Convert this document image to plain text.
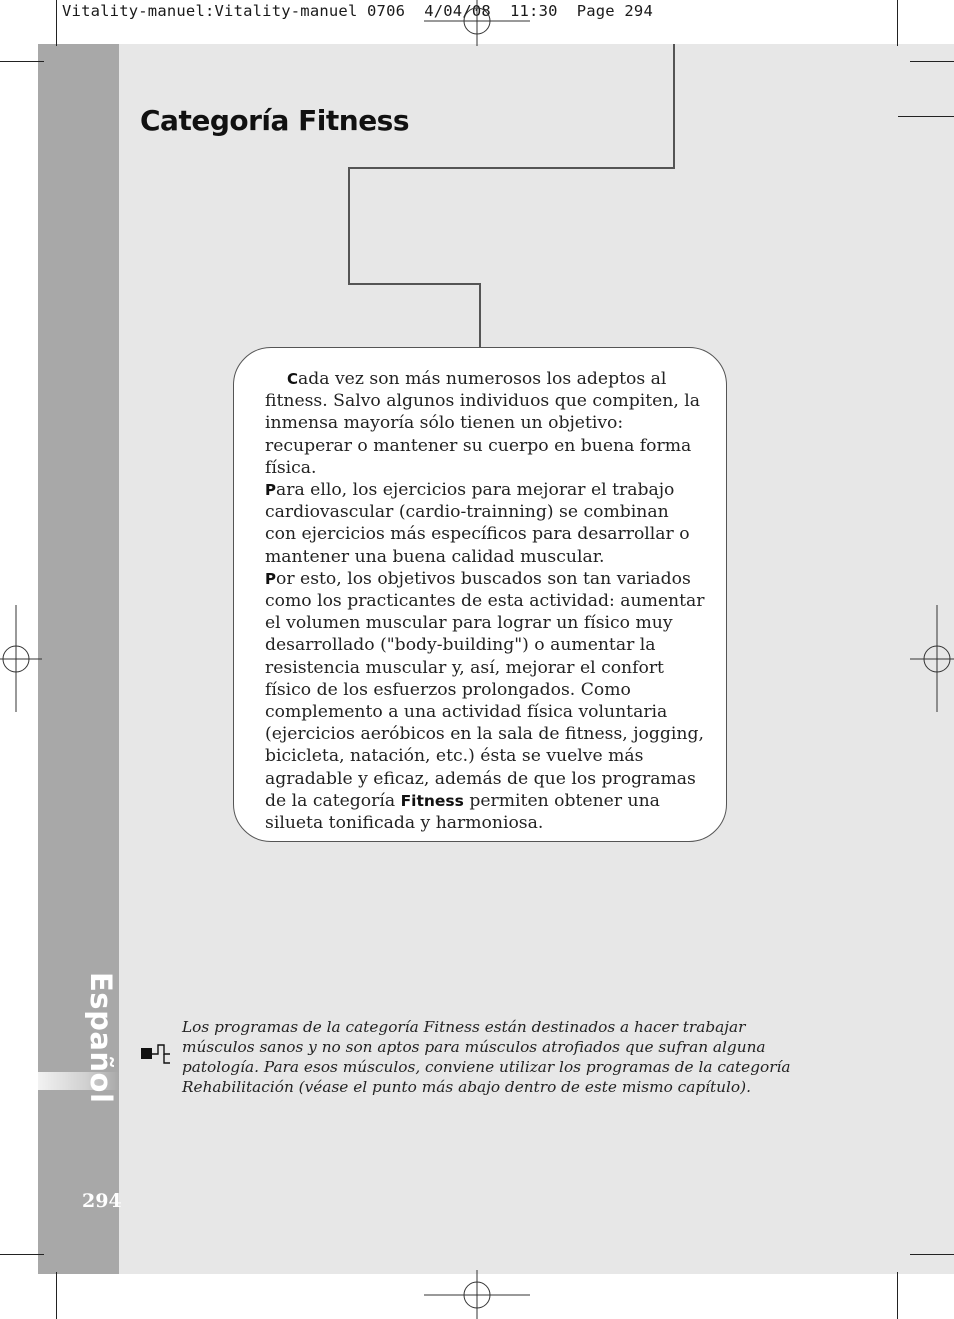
Vitality-manuel:Vitality-manuel 0706  4/04/08  11:30  Page 294
Español
294
Categoría Fitness

Cada vez son más numerosos los adeptos al fitness. Salvo algunos individuos que compiten, la inmensa mayoría sólo tienen un objetivo: recuperar o mantener su cuerpo en buena forma física.

Para ello, los ejercicios para mejorar el trabajo cardiovascular (cardio-trainning) se combinan con ejercicios más específicos para desarrollar o mantener una buena calidad muscular.

Por esto, los objetivos buscados son tan variados como los practicantes de esta actividad: aumentar el volumen muscular para lograr un físico muy desarrollado ("body-building") o aumentar la resistencia muscular y, así, mejorar el confort físico de los esfuerzos prolongados. Como complemento a una actividad física voluntaria (ejercicios aeróbicos en la sala de fitness, jogging, bicicleta, natación, etc.) ésta se vuelve más agradable y eficaz, además de que los programas de la categoría Fitness permiten obtener una silueta tonificada y harmoniosa.

Los programas de la categoría Fitness están destinados a hacer trabajar músculos sanos y no son aptos para músculos atrofiados que sufran alguna patología. Para esos músculos, conviene utilizar los programas de la categoría Rehabilitación (véase el punto más abajo dentro de este mismo capítulo).
